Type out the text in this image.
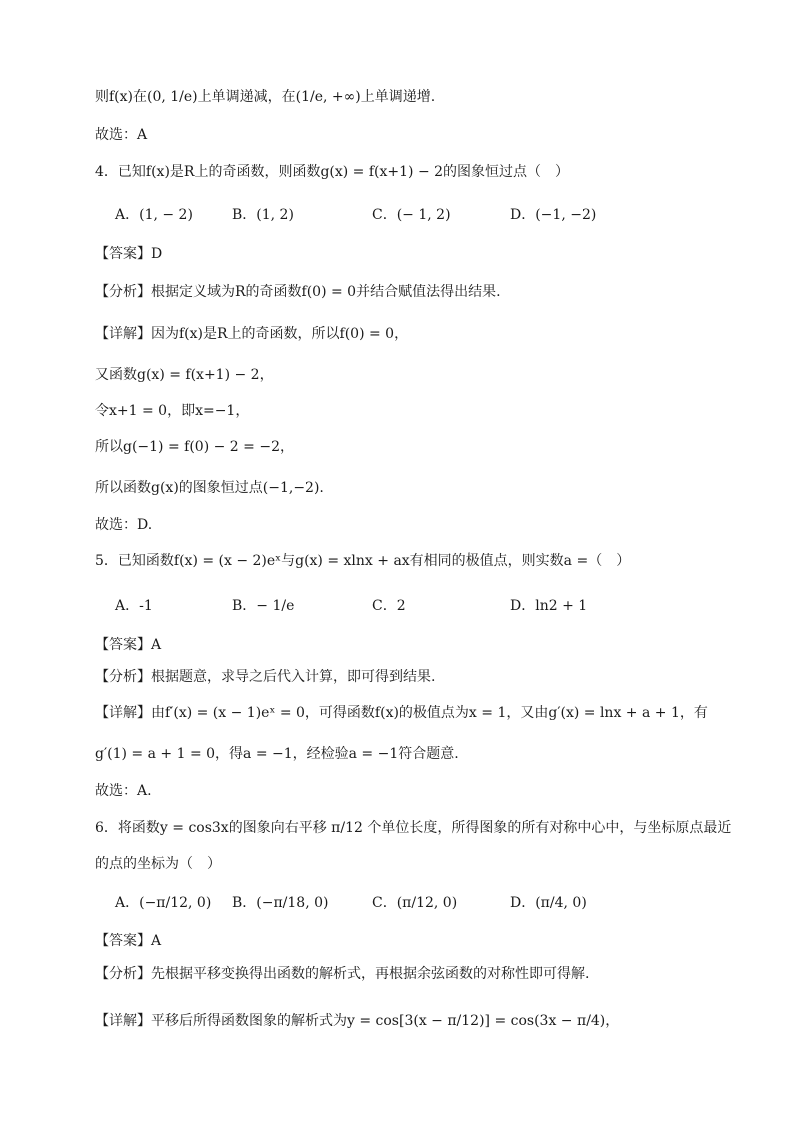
则f(x)在(0, 1/e)上单调递减，在(1/e, +∞)上单调递增.
故选：A
4．已知f(x)是R上的奇函数，则函数g(x) = f(x+1) − 2的图象恒过点（　）
A．(1, − 2)	B．(1, 2)	C．(− 1, 2)	D．(−1, −2)
【答案】D
【分析】根据定义域为R的奇函数f(0) = 0并结合赋值法得出结果.
【详解】因为f(x)是R上的奇函数，所以f(0) = 0，
又函数g(x) = f(x+1) − 2，
令x+1 = 0，即x=−1，
所以g(−1) = f(0) − 2 = −2，
所以函数g(x)的图象恒过点(−1,−2).
故选：D.
5．已知函数f(x) = (x − 2)eˣ与g(x) = xlnx + ax有相同的极值点，则实数a =（　）
A．-1	B．− 1/e	C．2	D．ln2 + 1
【答案】A
【分析】根据题意，求导之后代入计算，即可得到结果.
【详解】由f′(x) = (x − 1)eˣ = 0，可得函数f(x)的极值点为x = 1，又由g′(x) = lnx + a + 1，有
g′(1) = a + 1 = 0，得a = −1，经检验a = −1符合题意.
故选：A.
6．将函数y = cos3x的图象向右平移 π/12 个单位长度，所得图象的所有对称中心中，与坐标原点最近
的点的坐标为（　）
A．(−π/12, 0) B．(−π/18, 0)	C．(π/12, 0)	D．(π/4, 0)
【答案】A
【分析】先根据平移变换得出函数的解析式，再根据余弦函数的对称性即可得解.
【详解】平移后所得函数图象的解析式为y = cos[3(x − π/12)] = cos(3x − π/4)，
